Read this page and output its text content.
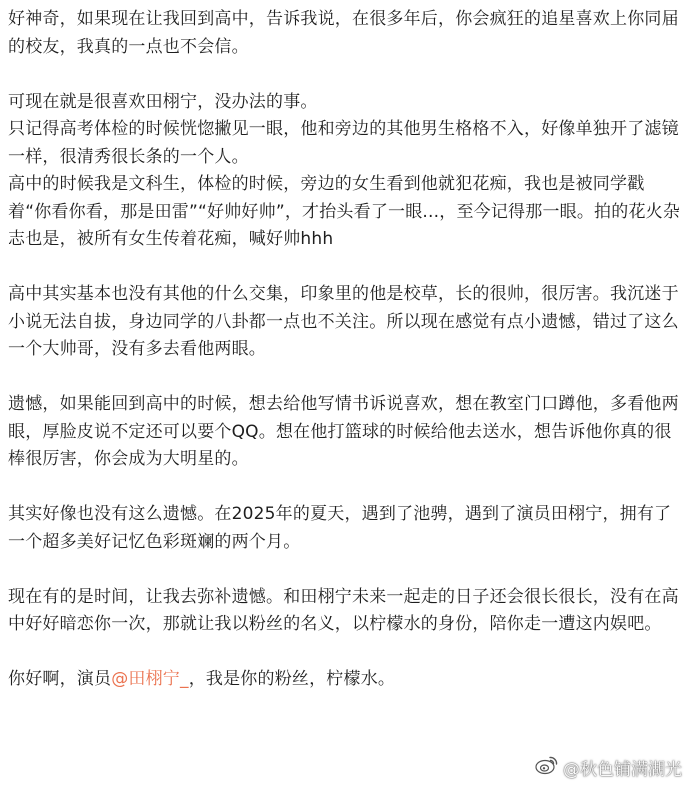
好神奇，如果现在让我回到高中，告诉我说，在很多年后，你会疯狂的追星喜欢上你同届的校友，我真的一点也不会信。

可现在就是很喜欢田栩宁，没办法的事。

只记得高考体检的时候恍惚撇见一眼，他和旁边的其他男生格格不入，好像单独开了滤镜一样，很清秀很长条的一个人。

高中的时候我是文科生，体检的时候，旁边的女生看到他就犯花痴，我也是被同学戳着“你看你看，那是田雷”“好帅好帅”，才抬头看了一眼...，至今记得那一眼。拍的花火杂志也是，被所有女生传着花痴，喊好帅hhh

高中其实基本也没有其他的什么交集，印象里的他是校草，长的很帅，很厉害。我沉迷于小说无法自拔，身边同学的八卦都一点也不关注。所以现在感觉有点小遗憾，错过了这么一个大帅哥，没有多去看他两眼。

遗憾，如果能回到高中的时候，想去给他写情书诉说喜欢，想在教室门口蹲他，多看他两眼，厚脸皮说不定还可以要个QQ。想在他打篮球的时候给他去送水，想告诉他你真的很棒很厉害，你会成为大明星的。

其实好像也没有这么遗憾。在2025年的夏天，遇到了池骋，遇到了演员田栩宁，拥有了一个超多美好记忆色彩斑斓的两个月。

现在有的是时间，让我去弥补遗憾。和田栩宁未来一起走的日子还会很长很长，没有在高中好好暗恋你一次，那就让我以粉丝的名义，以柠檬水的身份，陪你走一遭这内娱吧。

你好啊，演员@田栩宁_，我是你的粉丝，柠檬水。

@秋色铺满湖光
